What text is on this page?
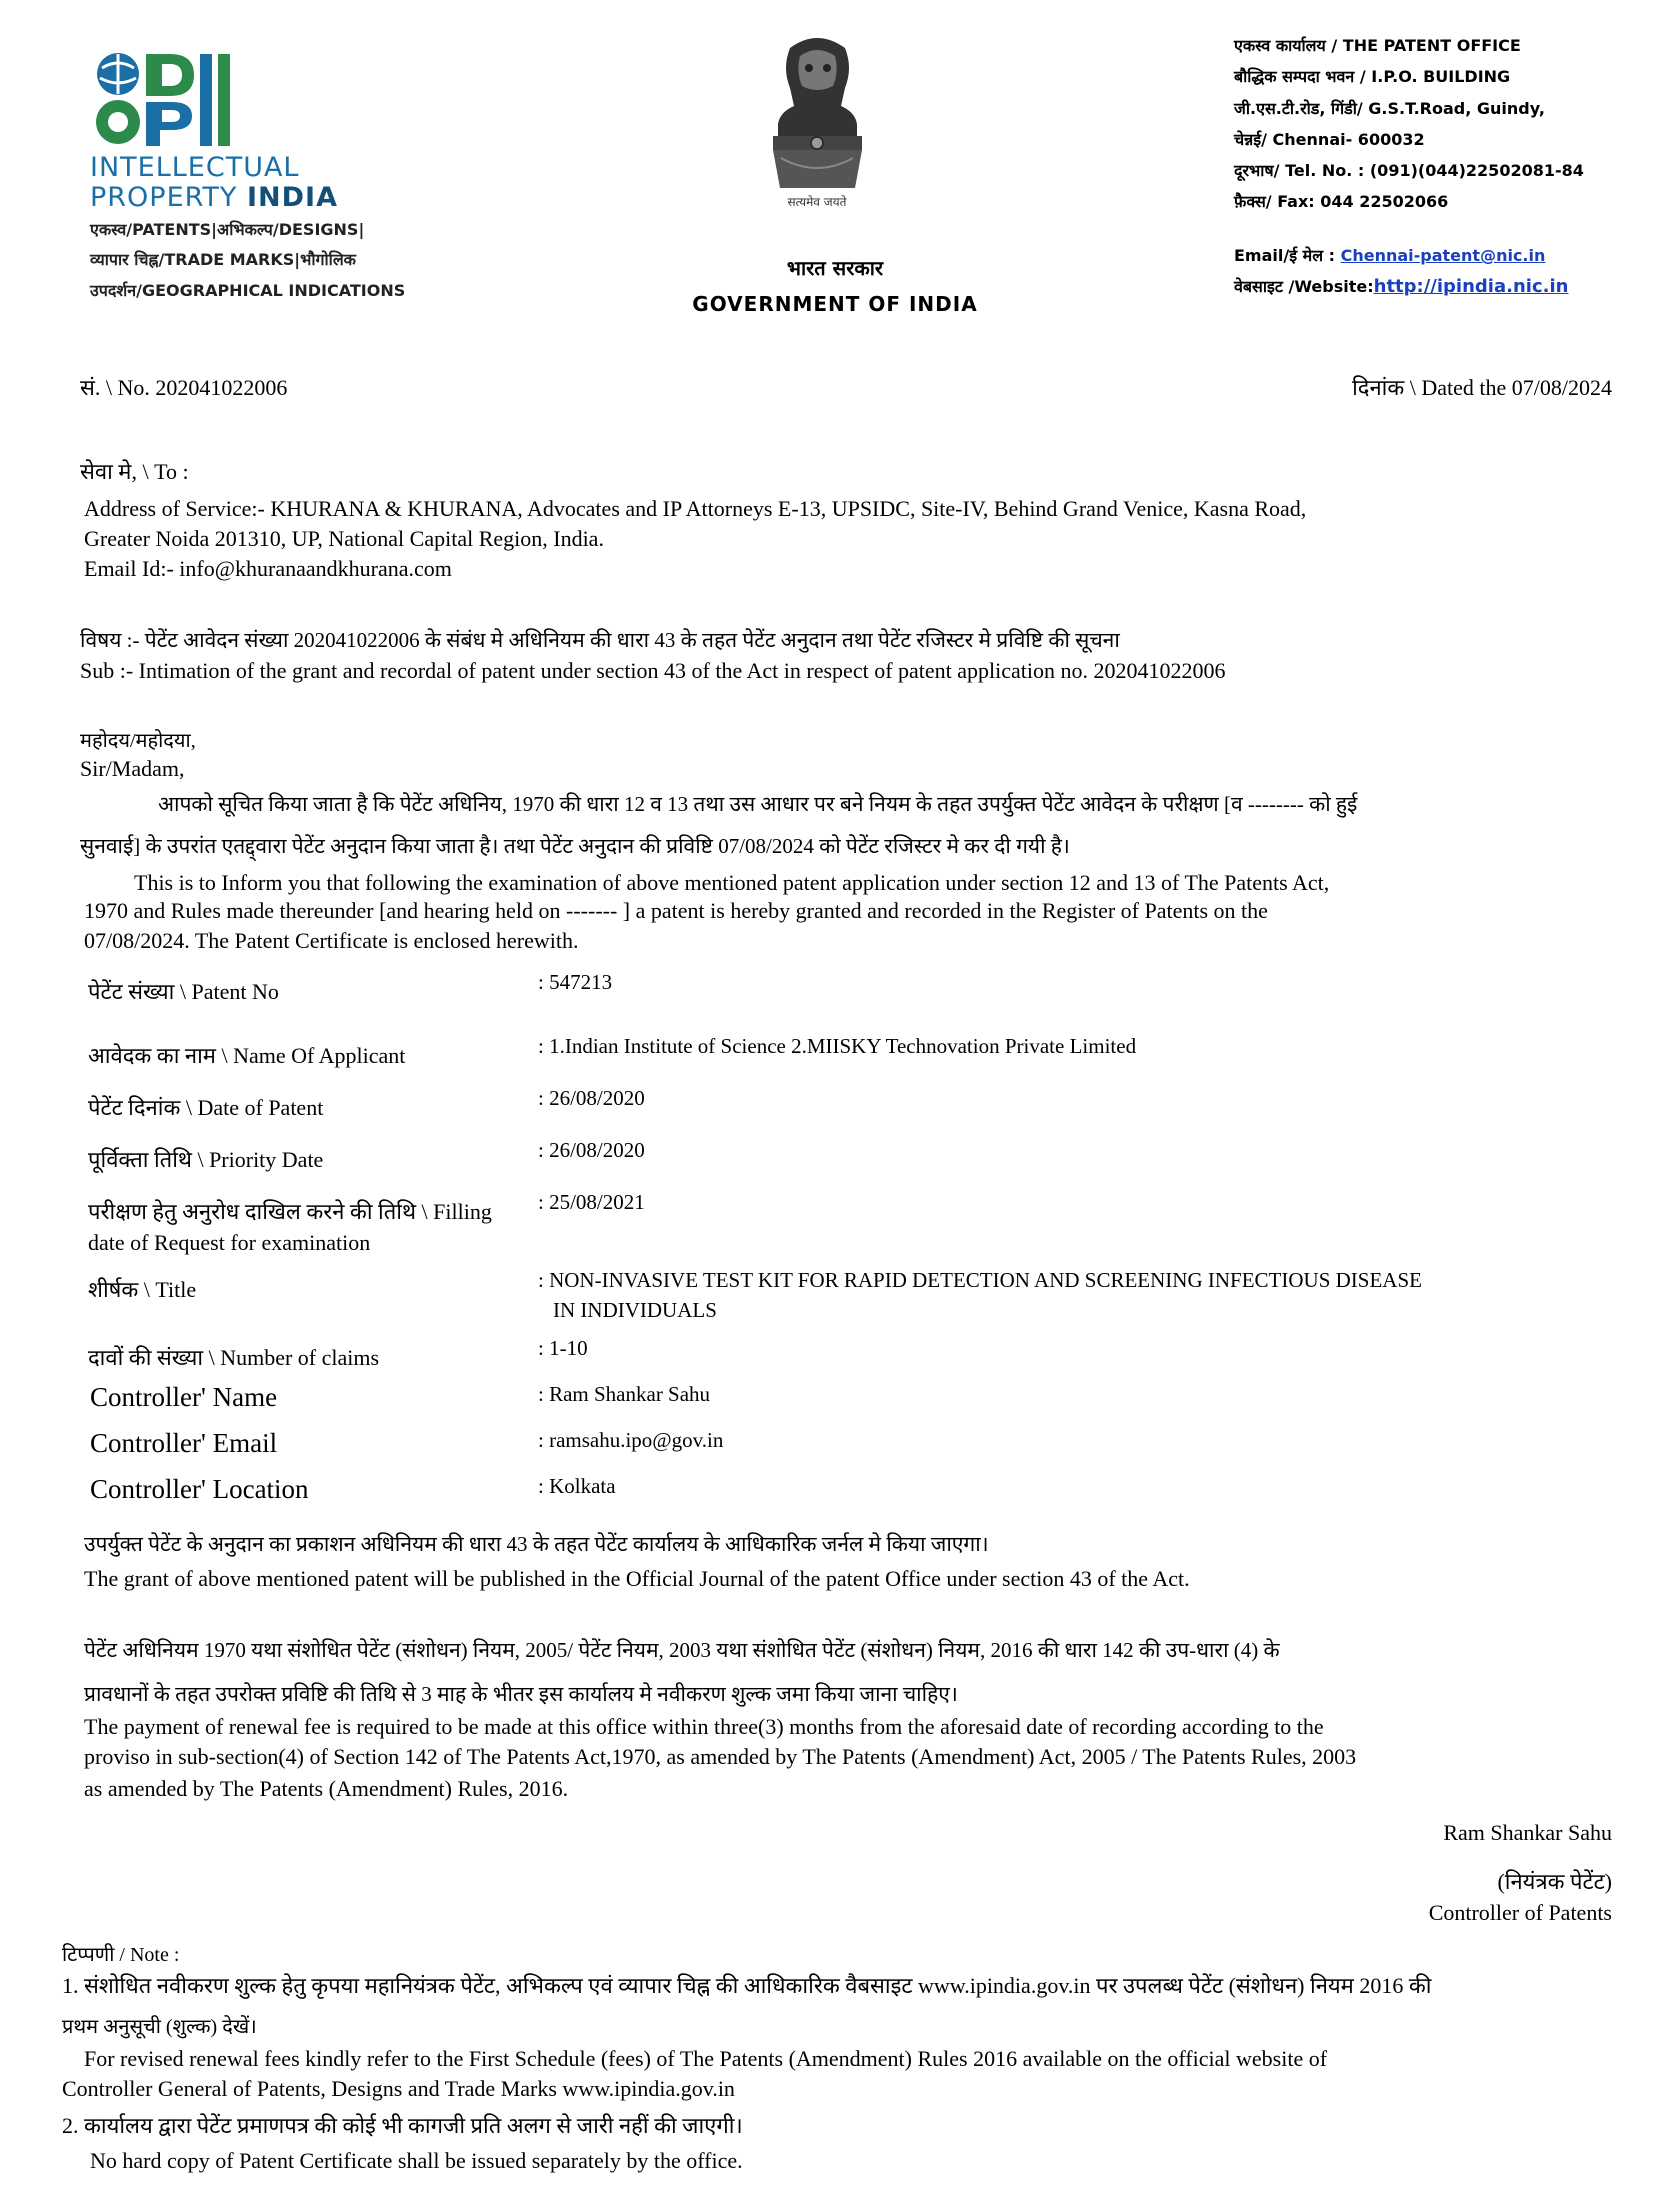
INTELLECTUAL
PROPERTY INDIA
एकस्व/PATENTS|अभिकल्प/DESIGNS|
व्यापार चिह्न/TRADE MARKS|भौगोलिक
उपदर्शन/GEOGRAPHICAL INDICATIONS
सत्यमेव जयते
भारत सरकार
GOVERNMENT OF INDIA
एकस्व कार्यालय / THE PATENT OFFICE
बौद्धिक सम्पदा भवन / I.P.O. BUILDING
जी.एस.टी.रोड, गिंडी/ G.S.T.Road, Guindy,
चेन्नई/ Chennai- 600032
दूरभाष/ Tel. No. : (091)(044)22502081-84
फ़ैक्स/ Fax: 044 22502066
Email/ई मेल : Chennai-patent@nic.in
वेबसाइट /Website:http://ipindia.nic.in
सं. \ No. 202041022006	दिनांक \ Dated the 07/08/2024
सेवा मे, \ To :
Address of Service:- KHURANA & KHURANA, Advocates and IP Attorneys E-13, UPSIDC, Site-IV, Behind Grand Venice, Kasna Road,
Greater Noida 201310, UP, National Capital Region, India.
Email Id:- info@khuranaandkhurana.com
विषय :- पेटेंट आवेदन संख्या 202041022006 के संबंध मे अधिनियम की धारा 43 के तहत पेटेंट अनुदान तथा पेटेंट रजिस्टर मे प्रविष्टि की सूचना
Sub :- Intimation of the grant and recordal of patent under section 43 of the Act in respect of patent application no. 202041022006
महोदय/महोदया,
Sir/Madam,
आपको सूचित किया जाता है कि पेटेंट अधिनिय, 1970 की धारा 12 व 13 तथा उस आधार पर बने नियम के तहत उपर्युक्त पेटेंट आवेदन के परीक्षण [व -------- को हुई
सुनवाई] के उपरांत एतद्द्वारा पेटेंट अनुदान किया जाता है। तथा पेटेंट अनुदान की प्रविष्टि 07/08/2024 को पेटेंट रजिस्टर मे कर दी गयी है।
This is to Inform you that following the examination of above mentioned patent application under section 12 and 13 of The Patents Act,
1970 and Rules made thereunder [and hearing held on ------- ] a patent is hereby granted and recorded in the Register of Patents on the
07/08/2024. The Patent Certificate is enclosed herewith.
पेटेंट संख्या \ Patent No	: 547213
आवेदक का नाम \ Name Of Applicant	: 1.Indian Institute of Science 2.MIISKY Technovation Private Limited
पेटेंट दिनांक \ Date of Patent	: 26/08/2020
पूर्विक्ता तिथि \ Priority Date	: 26/08/2020
परीक्षण हेतु अनुरोध दाखिल करने की तिथि \ Filling
date of Request for examination
: 25/08/2021
शीर्षक \ Title	: NON-INVASIVE TEST KIT FOR RAPID DETECTION AND SCREENING INFECTIOUS DISEASE
IN INDIVIDUALS
दावों की संख्या \ Number of claims	: 1-10
Controller' Name	: Ram Shankar Sahu
Controller' Email	: ramsahu.ipo@gov.in
Controller' Location	: Kolkata
उपर्युक्त पेटेंट के अनुदान का प्रकाशन अधिनियम की धारा 43 के तहत पेटेंट कार्यालय के आधिकारिक जर्नल मे किया जाएगा।
The grant of above mentioned patent will be published in the Official Journal of the patent Office under section 43 of the Act.
पेटेंट अधिनियम 1970 यथा संशोधित पेटेंट (संशोधन) नियम, 2005/ पेटेंट नियम, 2003 यथा संशोधित पेटेंट (संशोधन) नियम, 2016 की धारा 142 की उप-धारा (4) के
प्रावधानों के तहत उपरोक्त प्रविष्टि की तिथि से 3 माह के भीतर इस कार्यालय मे नवीकरण शुल्क जमा किया जाना चाहिए।
The payment of renewal fee is required to be made at this office within three(3) months from the aforesaid date of recording according to the
proviso in sub-section(4) of Section 142 of The Patents Act,1970, as amended by The Patents (Amendment) Act, 2005 / The Patents Rules, 2003
as amended by The Patents (Amendment) Rules, 2016.
Ram Shankar Sahu
(नियंत्रक पेटेंट)
Controller of Patents
टिप्पणी / Note :
1. संशोधित नवीकरण शुल्क हेतु कृपया महानियंत्रक पेटेंट, अभिकल्प एवं व्यापार चिह्न की आधिकारिक वैबसाइट www.ipindia.gov.in पर उपलब्ध पेटेंट (संशोधन) नियम 2016 की
प्रथम अनुसूची (शुल्क) देखें।
For revised renewal fees kindly refer to the First Schedule (fees) of The Patents (Amendment) Rules 2016 available on the official website of
Controller General of Patents, Designs and Trade Marks www.ipindia.gov.in
2. कार्यालय द्वारा पेटेंट प्रमाणपत्र की कोई भी कागजी प्रति अलग से जारी नहीं की जाएगी।
No hard copy of Patent Certificate shall be issued separately by the office.
